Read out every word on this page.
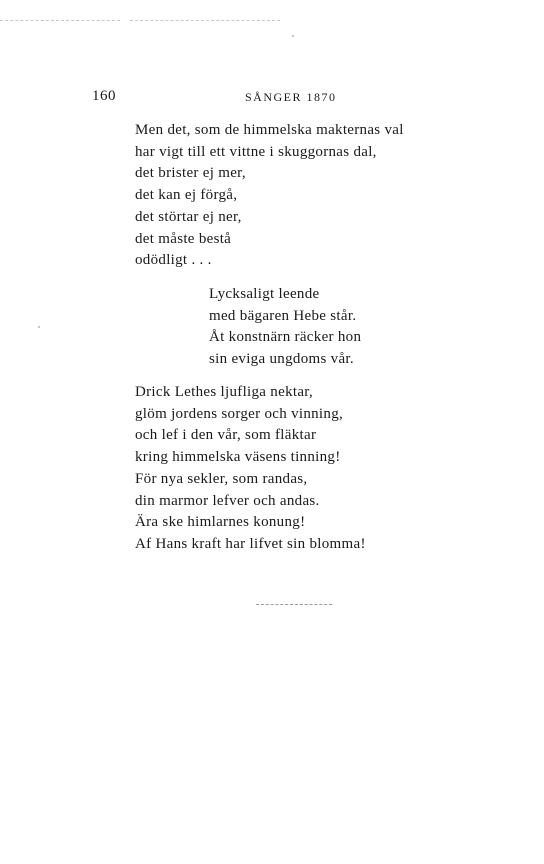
160	SÅNGER 1870
Men det, som de himmelska makternas val
har vigt till ett vittne i skuggornas dal,
det brister ej mer,
det kan ej förgå,
det störtar ej ner,
det måste bestå
odödligt . . .
Lycksaligt leende
med bägaren Hebe står.
Åt konstnärn räcker hon
sin eviga ungdoms vår.
Drick Lethes ljufliga nektar,
glöm jordens sorger och vinning,
och lef i den vår, som fläktar
kring himmelska väsens tinning!
För nya sekler, som randas,
din marmor lefver och andas.
Ära ske himlarnes konung!
Af Hans kraft har lifvet sin blomma!
